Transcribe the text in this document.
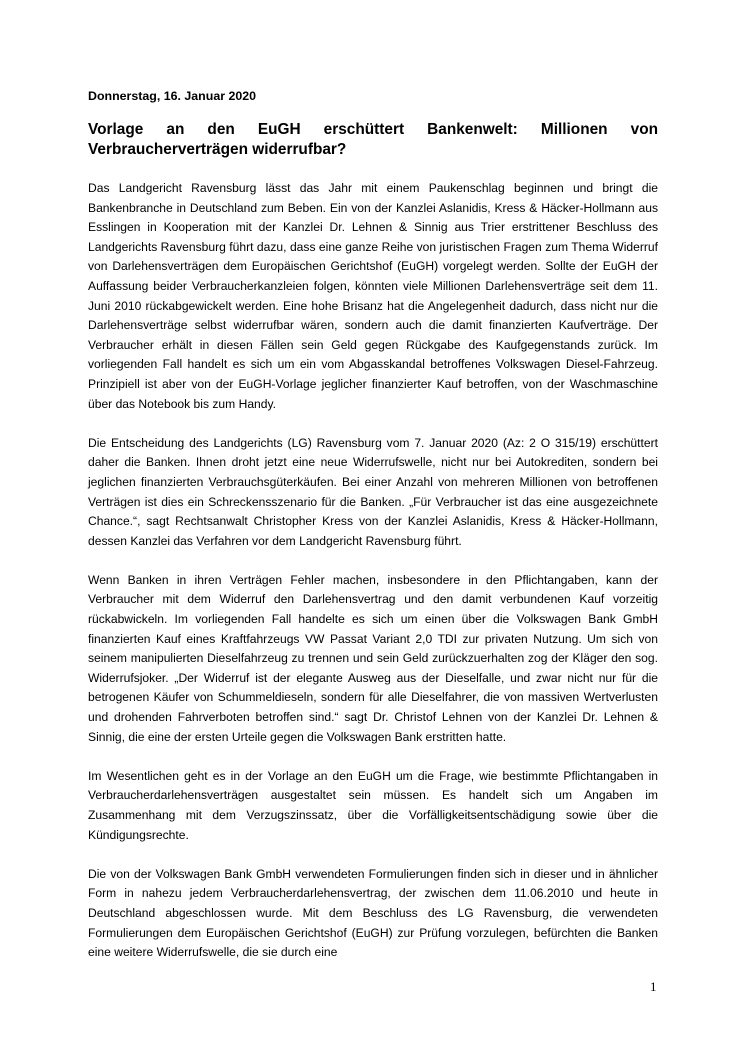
Donnerstag, 16. Januar 2020
Vorlage an den EuGH erschüttert Bankenwelt: Millionen von Verbraucherverträgen widerrufbar?
Das Landgericht Ravensburg lässt das Jahr mit einem Paukenschlag beginnen und bringt die Bankenbranche in Deutschland zum Beben. Ein von der Kanzlei Aslanidis, Kress & Häcker-Hollmann aus Esslingen in Kooperation mit der Kanzlei Dr. Lehnen & Sinnig aus Trier erstrittener Beschluss des Landgerichts Ravensburg führt dazu, dass eine ganze Reihe von juristischen Fragen zum Thema Widerruf von Darlehensverträgen dem Europäischen Gerichtshof (EuGH) vorgelegt werden. Sollte der EuGH der Auffassung beider Verbraucherkanzleien folgen, könnten viele Millionen Darlehensverträge seit dem 11. Juni 2010 rückabgewickelt werden. Eine hohe Brisanz hat die Angelegenheit dadurch, dass nicht nur die Darlehensverträge selbst widerrufbar wären, sondern auch die damit finanzierten Kaufverträge. Der Verbraucher erhält in diesen Fällen sein Geld gegen Rückgabe des Kaufgegenstands zurück. Im vorliegenden Fall handelt es sich um ein vom Abgasskandal betroffenes Volkswagen Diesel-Fahrzeug. Prinzipiell ist aber von der EuGH-Vorlage jeglicher finanzierter Kauf betroffen, von der Waschmaschine über das Notebook bis zum Handy.
Die Entscheidung des Landgerichts (LG) Ravensburg vom 7. Januar 2020 (Az: 2 O 315/19) erschüttert daher die Banken. Ihnen droht jetzt eine neue Widerrufswelle, nicht nur bei Autokrediten, sondern bei jeglichen finanzierten Verbrauchsgüterkäufen. Bei einer Anzahl von mehreren Millionen von betroffenen Verträgen ist dies ein Schreckensszenario für die Banken. „Für Verbraucher ist das eine ausgezeichnete Chance.“, sagt Rechtsanwalt Christopher Kress von der Kanzlei Aslanidis, Kress & Häcker-Hollmann, dessen Kanzlei das Verfahren vor dem Landgericht Ravensburg führt.
Wenn Banken in ihren Verträgen Fehler machen, insbesondere in den Pflichtangaben, kann der Verbraucher mit dem Widerruf den Darlehensvertrag und den damit verbundenen Kauf vorzeitig rückabwickeln. Im vorliegenden Fall handelte es sich um einen über die Volkswagen Bank GmbH finanzierten Kauf eines Kraftfahrzeugs VW Passat Variant 2,0 TDI zur privaten Nutzung. Um sich von seinem manipulierten Dieselfahrzeug zu trennen und sein Geld zurückzuerhalten zog der Kläger den sog. Widerrufsjoker. „Der Widerruf ist der elegante Ausweg aus der Dieselfalle, und zwar nicht nur für die betrogenen Käufer von Schummeldieseln, sondern für alle Dieselfahrer, die von massiven Wertverlusten und drohenden Fahrverboten betroffen sind.“ sagt Dr. Christof Lehnen von der Kanzlei Dr. Lehnen & Sinnig, die eine der ersten Urteile gegen die Volkswagen Bank erstritten hatte.
Im Wesentlichen geht es in der Vorlage an den EuGH um die Frage, wie bestimmte Pflichtangaben in Verbraucherdarlehensverträgen ausgestaltet sein müssen. Es handelt sich um Angaben im Zusammenhang mit dem Verzugszinssatz, über die Vorfälligkeitsentschädigung sowie über die Kündigungsrechte.
Die von der Volkswagen Bank GmbH verwendeten Formulierungen finden sich in dieser und in ähnlicher Form in nahezu jedem Verbraucherdarlehensvertrag, der zwischen dem 11.06.2010 und heute in Deutschland abgeschlossen wurde. Mit dem Beschluss des LG Ravensburg, die verwendeten Formulierungen dem Europäischen Gerichtshof (EuGH) zur Prüfung vorzulegen, befürchten die Banken eine weitere Widerrufswelle, die sie durch eine
1
